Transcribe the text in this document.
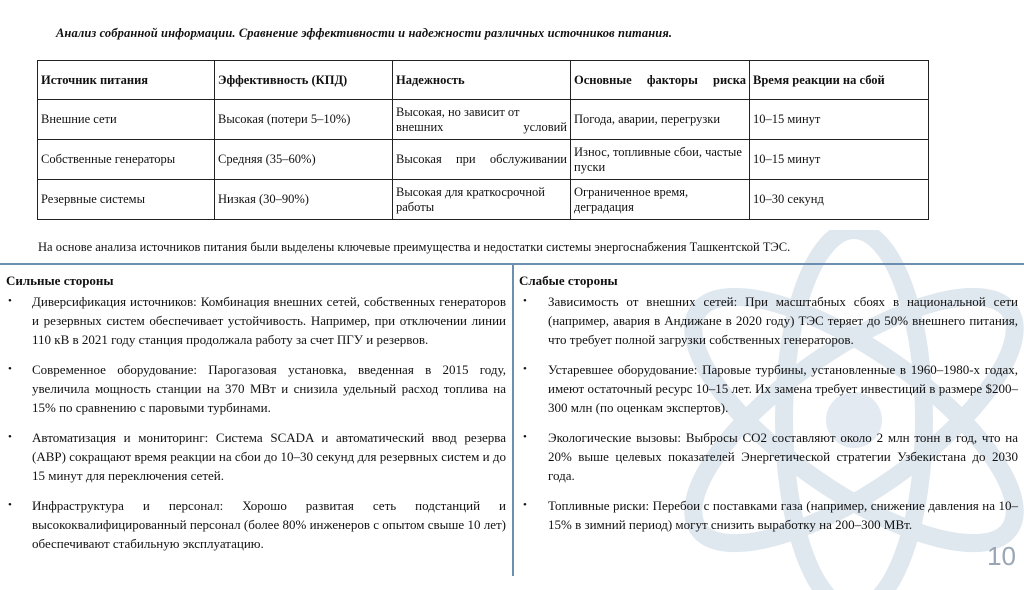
Анализ собранной информации. Сравнение эффективности и надежности различных источников питания.
Источник питания	Эффективность (КПД)	Надежность	Основные факторы риска	Время реакции на сбой
Внешние сети	Высокая (потери 5–10%)	Высокая, но зависит от внешних условий	Погода, аварии, перегрузки	10–15 минут
Собственные генераторы	Средняя (35–60%)	Высокая при обслуживании	Износ, топливные сбои, частые пуски	10–15 минут
Резервные системы	Низкая (30–90%)	Высокая для краткосрочной работы	Ограниченное время, деградация	10–30 секунд
На основе анализа источников питания были выделены ключевые преимущества и недостатки системы энергоснабжения Ташкентской ТЭС.
Сильные стороны
• Диверсификация источников: Комбинация внешних сетей, собственных генераторов и резервных систем обеспечивает устойчивость. Например, при отключении линии 110 кВ в 2021 году станция продолжала работу за счет ПГУ и резервов.
• Современное оборудование: Парогазовая установка, введенная в 2015 году, увеличила мощность станции на 370 МВт и снизила удельный расход топлива на 15% по сравнению с паровыми турбинами.
• Автоматизация и мониторинг: Система SCADA и автоматический ввод резерва (АВР) сокращают время реакции на сбои до 10–30 секунд для резервных систем и до 15 минут для переключения сетей.
• Инфраструктура и персонал: Хорошо развитая сеть подстанций и высококвалифицированный персонал (более 80% инженеров с опытом свыше 10 лет) обеспечивают стабильную эксплуатацию.
Слабые стороны
• Зависимость от внешних сетей: При масштабных сбоях в национальной сети (например, авария в Андижане в 2020 году) ТЭС теряет до 50% внешнего питания, что требует полной загрузки собственных генераторов.
• Устаревшее оборудование: Паровые турбины, установленные в 1960–1980-х годах, имеют остаточный ресурс 10–15 лет. Их замена требует инвестиций в размере $200–300 млн (по оценкам экспертов).
• Экологические вызовы: Выбросы CO2 составляют около 2 млн тонн в год, что на 20% выше целевых показателей Энергетической стратегии Узбекистана до 2030 года.
• Топливные риски: Перебои с поставками газа (например, снижение давления на 10–15% в зимний период) могут снизить выработку на 200–300 МВт.
10
